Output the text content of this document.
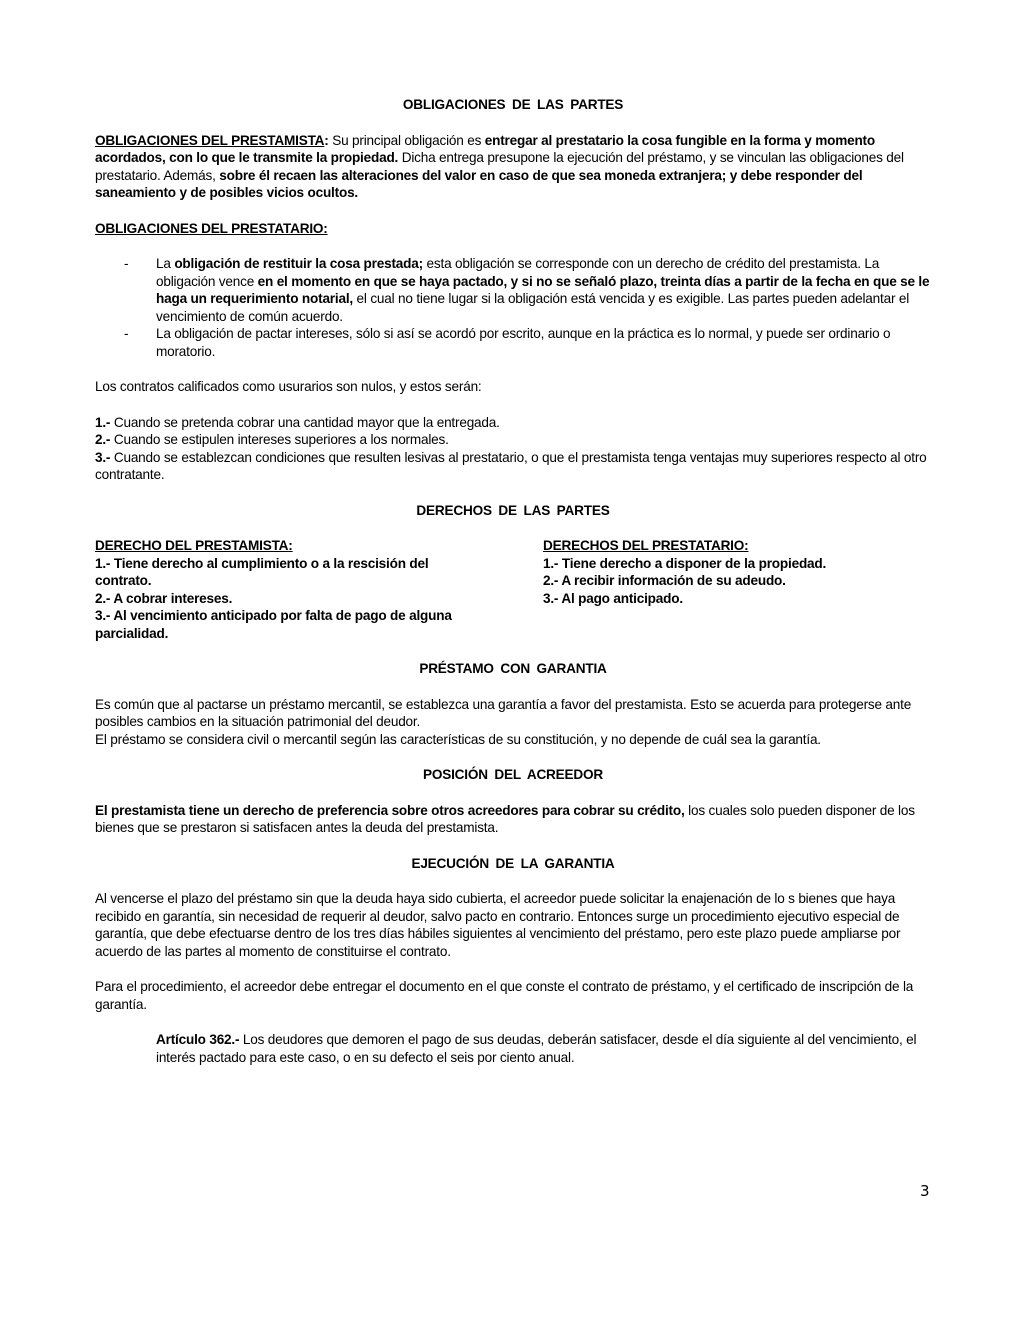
OBLIGACIONES DE LAS PARTES

OBLIGACIONES DEL PRESTAMISTA: Su principal obligación es entregar al prestatario la cosa fungible en la forma y momento acordados, con lo que le transmite la propiedad. Dicha entrega presupone la ejecución del préstamo, y se vinculan las obligaciones del prestatario. Además, sobre él recaen las alteraciones del valor en caso de que sea moneda extranjera; y debe responder del saneamiento y de posibles vicios ocultos.

OBLIGACIONES DEL PRESTATARIO:

- La obligación de restituir la cosa prestada; esta obligación se corresponde con un derecho de crédito del prestamista. La obligación vence en el momento en que se haya pactado, y si no se señaló plazo, treinta días a partir de la fecha en que se le haga un requerimiento notarial, el cual no tiene lugar si la obligación está vencida y es exigible. Las partes pueden adelantar el vencimiento de común acuerdo.
- La obligación de pactar intereses, sólo si así se acordó por escrito, aunque en la práctica es lo normal, y puede ser ordinario o moratorio.

Los contratos calificados como usurarios son nulos, y estos serán:

1.- Cuando se pretenda cobrar una cantidad mayor que la entregada.

2.- Cuando se estipulen intereses superiores a los normales.

3.- Cuando se establezcan condiciones que resulten lesivas al prestatario, o que el prestamista tenga ventajas muy superiores respecto al otro contratante.

DERECHOS DE LAS PARTES

DERECHO DEL PRESTAMISTA:

1.- Tiene derecho al cumplimiento o a la rescisión del contrato.

2.- A cobrar intereses.

3.- Al vencimiento anticipado por falta de pago de alguna parcialidad.

DERECHOS DEL PRESTATARIO:

1.- Tiene derecho a disponer de la propiedad.

2.- A recibir información de su adeudo.

3.- Al pago anticipado.

PRÉSTAMO CON GARANTIA

Es común que al pactarse un préstamo mercantil, se establezca una garantía a favor del prestamista. Esto se acuerda para protegerse ante posibles cambios en la situación patrimonial del deudor.

El préstamo se considera civil o mercantil según las características de su constitución, y no depende de cuál sea la garantía.

POSICIÓN DEL ACREEDOR

El prestamista tiene un derecho de preferencia sobre otros acreedores para cobrar su crédito, los cuales solo pueden disponer de los bienes que se prestaron si satisfacen antes la deuda del prestamista.

EJECUCIÓN DE LA GARANTIA

Al vencerse el plazo del préstamo sin que la deuda haya sido cubierta, el acreedor puede solicitar la enajenación de lo s bienes que haya recibido en garantía, sin necesidad de requerir al deudor, salvo pacto en contrario. Entonces surge un procedimiento ejecutivo especial de garantía, que debe efectuarse dentro de los tres días hábiles siguientes al vencimiento del préstamo, pero este plazo puede ampliarse por acuerdo de las partes al momento de constituirse el contrato.

Para el procedimiento, el acreedor debe entregar el documento en el que conste el contrato de préstamo, y el certificado de inscripción de la garantía.

Artículo 362.- Los deudores que demoren el pago de sus deudas, deberán satisfacer, desde el día siguiente al del vencimiento, el interés pactado para este caso, o en su defecto el seis por ciento anual.

3
